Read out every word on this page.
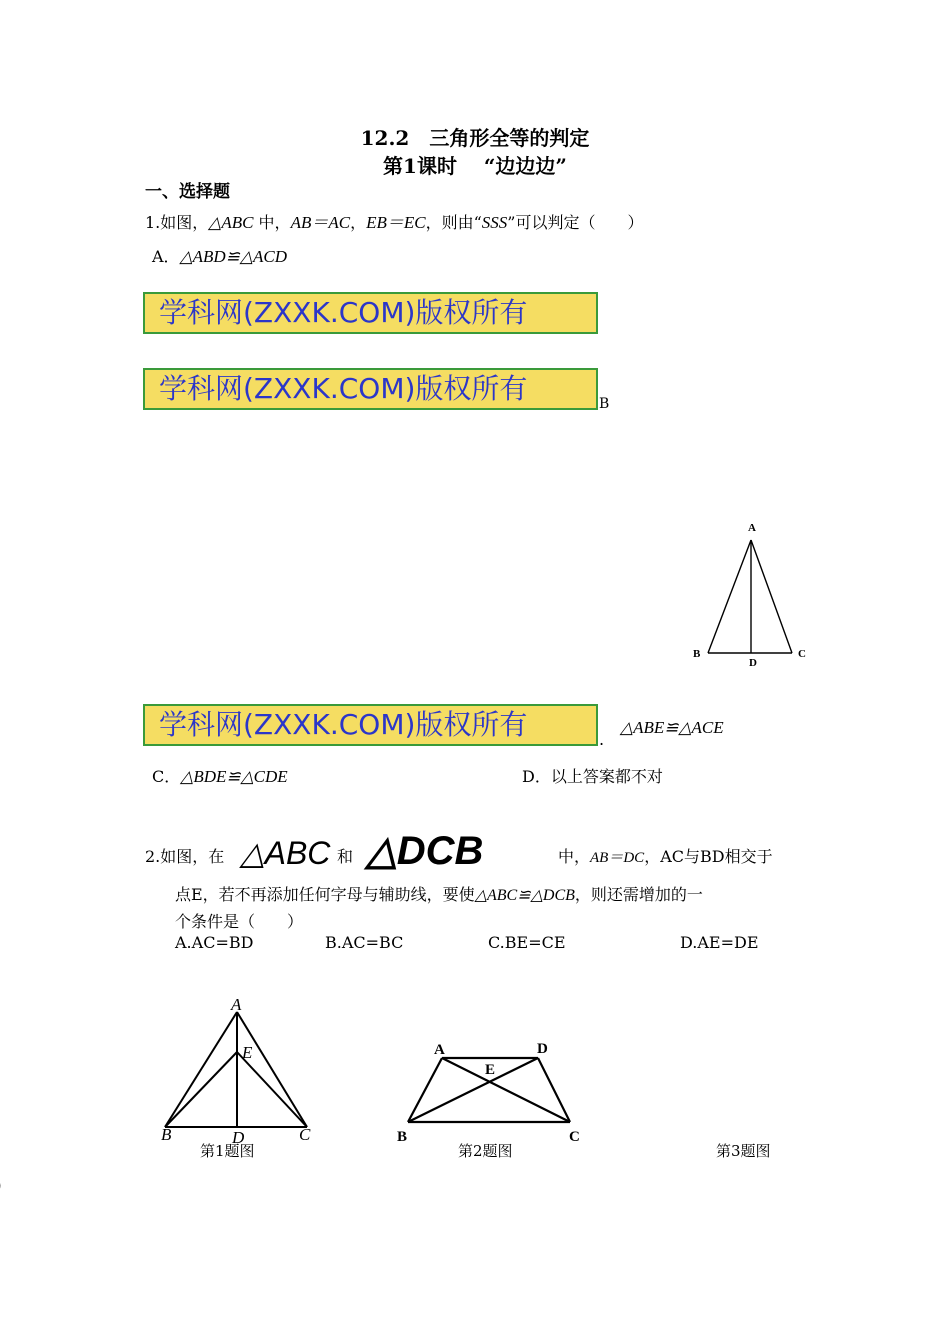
12.2　三角形全等的判定
第1课时　 “边边边”
一、选择题
1.如图，△ABC 中，AB＝AC，EB＝EC，则由“SSS”可以判定（　　）
A．△ABD≌△ACD
学科网(ZXXK.COM)版权所有
学科网(ZXXK.COM)版权所有	B
A
B	C
D
学科网(ZXXK.COM)版权所有	.
△ABE≌△ACE
C．△BDE≌△CDE	D．以上答案都不对
2.如图，在 △ABC 和 △DCB	中，AB＝DC，AC与BD相交于
点E，若不再添加任何字母与辅助线，要使△ABC≌△DCB，则还需增加的一
个条件是（　　）
A.AC=BD	B.AC=BC	C.BE=CE	D.AE=DE
A
E
B	D	C
第1题图
A	D
E
B	C
第2题图	第3题图
